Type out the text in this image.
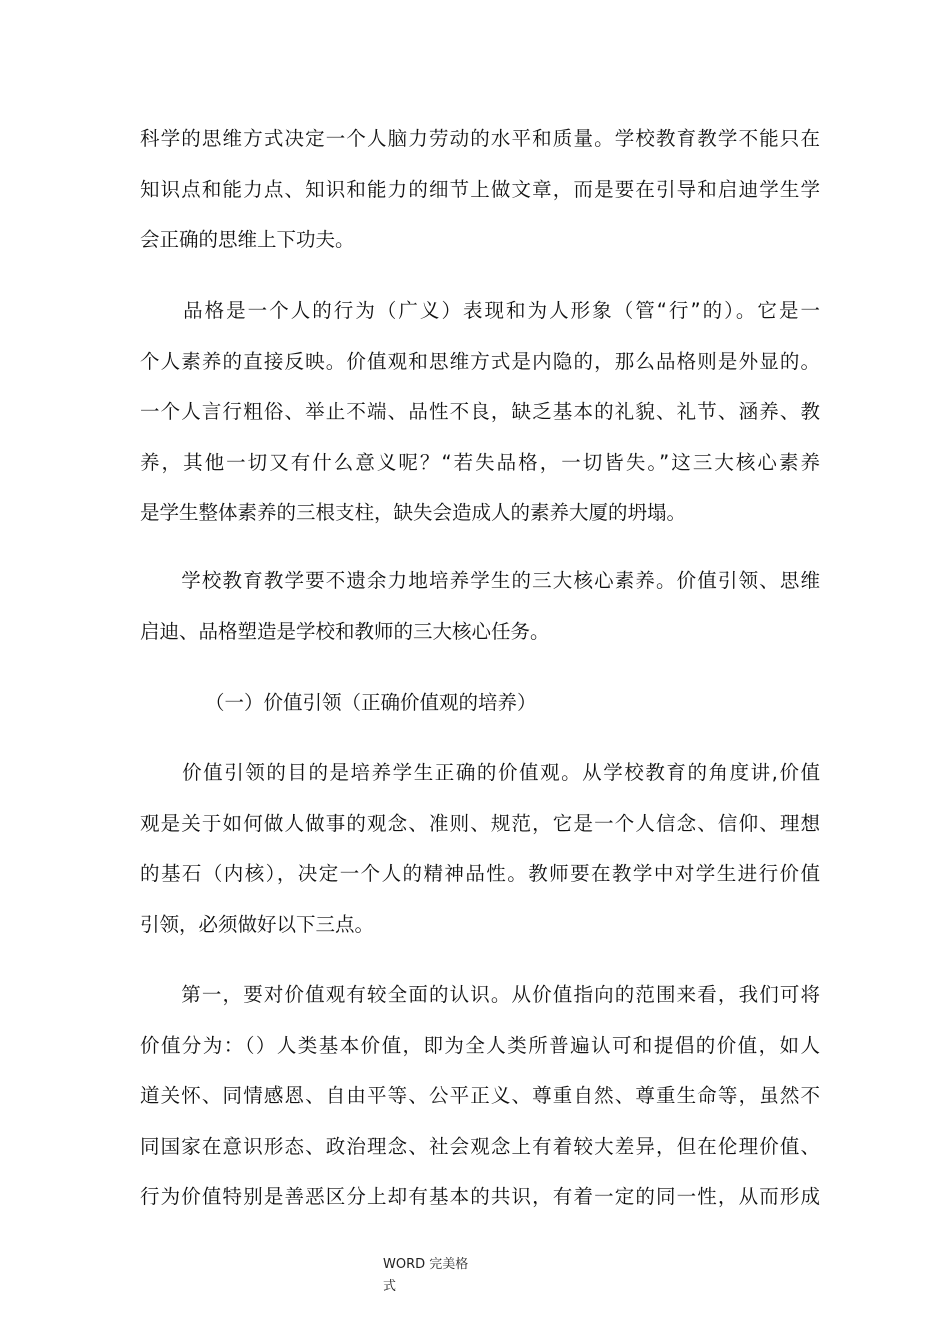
科学的思维方式决定一个人脑力劳动的水平和质量。学校教育教学不能只在
知识点和能力点、知识和能力的细节上做文章，而是要在引导和启迪学生学
会正确的思维上下功夫。
　　品格是一个人的行为（广义）表现和为人形象（管“行”的）。它是一
个人素养的直接反映。价值观和思维方式是内隐的，那么品格则是外显的。
一个人言行粗俗、举止不端、品性不良，缺乏基本的礼貌、礼节、涵养、教
养，其他一切又有什么意义呢？“若失品格，一切皆失。”这三大核心素养
是学生整体素养的三根支柱，缺失会造成人的素养大厦的坍塌。
　　学校教育教学要不遗余力地培养学生的三大核心素养。价值引领、思维
启迪、品格塑造是学校和教师的三大核心任务。
（一）价值引领（正确价值观的培养）
　　价值引领的目的是培养学生正确的价值观。从学校教育的角度讲,价值
观是关于如何做人做事的观念、准则、规范，它是一个人信念、信仰、理想
的基石（内核），决定一个人的精神品性。教师要在教学中对学生进行价值
引领，必须做好以下三点。
　　第一，要对价值观有较全面的认识。从价值指向的范围来看，我们可将
价值分为：（）人类基本价值，即为全人类所普遍认可和提倡的价值，如人
道关怀、同情感恩、自由平等、公平正义、尊重自然、尊重生命等，虽然不
同国家在意识形态、政治理念、社会观念上有着较大差异，但在伦理价值、
行为价值特别是善恶区分上却有基本的共识，有着一定的同一性，从而形成
WORD 完美格
式
